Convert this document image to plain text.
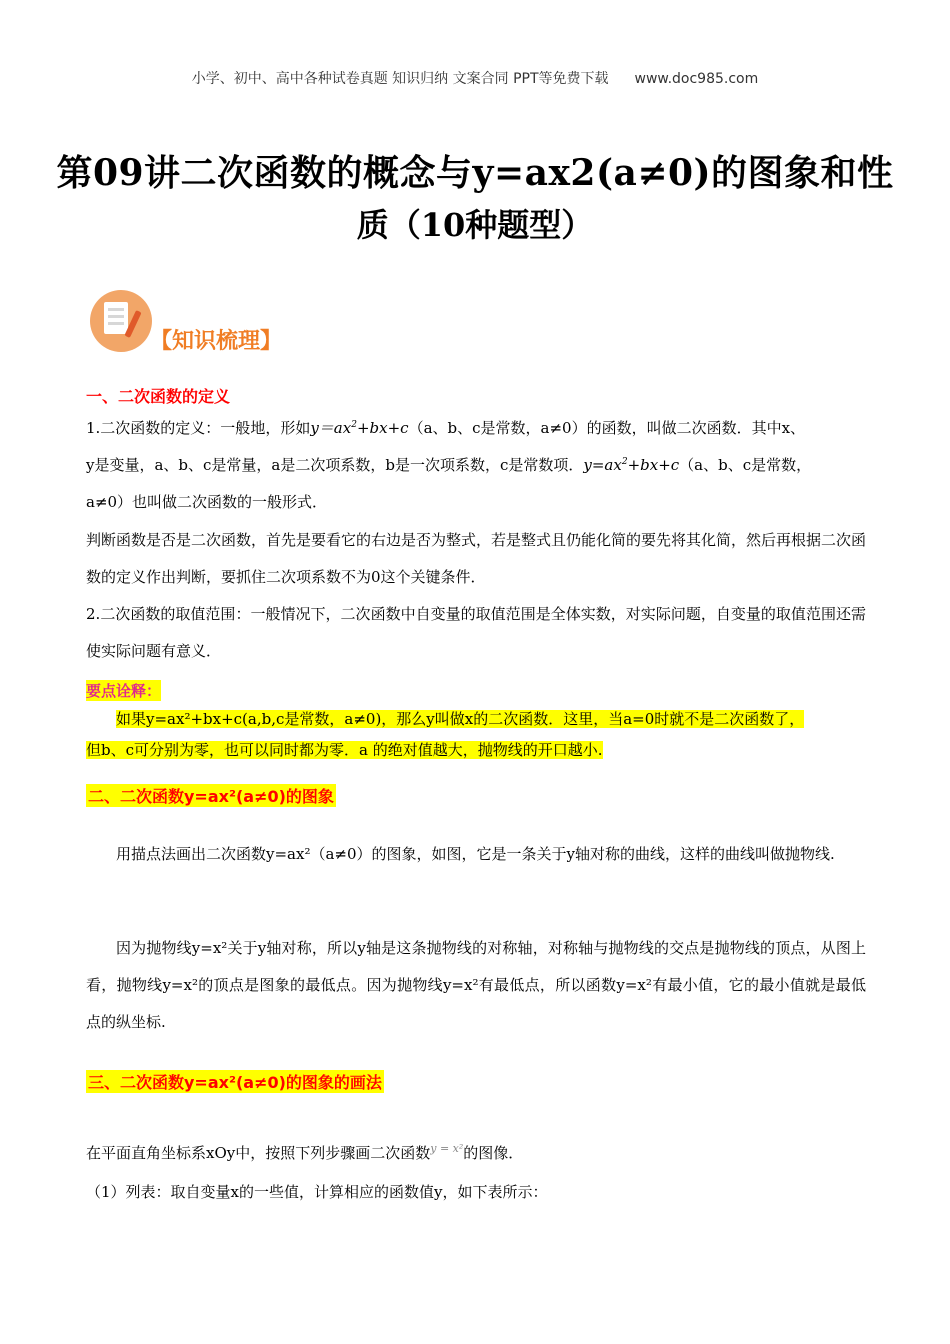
小学、初中、高中各种试卷真题 知识归纳 文案合同 PPT等免费下载 www.doc985.com
第09讲二次函数的概念与y=ax2(a≠0)的图象和性
质（10种题型）
【知识梳理】
一、二次函数的定义
1.二次函数的定义：一般地，形如$y=ax^2+bx+c(a$、b、c是常数，a≠0）的函数，叫做二次函数．其中x、
y是变量，a、b、c是常量，a是二次项系数，b是一次项系数，c是常数项．$y=ax^2+bx+c(a$、b、c是常数，
a≠0）也叫做二次函数的一般形式．
判断函数是否是二次函数，首先是要看它的右边是否为整式，若是整式且仍能化简的要先将其化简，然后再根据二次函数的定义作出判断，要抓住二次项系数不为0这个关键条件．
2.二次函数的取值范围：一般情况下，二次函数中自变量的取值范围是全体实数，对实际问题，自变量的取值范围还需使实际问题有意义．
要点诠释：
如果y=ax²+bx+c(a,b,c是常数，a≠0)，那么y叫做x的二次函数．这里，当a=0时就不是二次函数了，
但b、c可分别为零，也可以同时都为零．a 的绝对值越大，抛物线的开口越小.
二、二次函数y=ax²(a≠0)的图象
用描点法画出二次函数y=ax²（a≠0）的图象，如图，它是一条关于y轴对称的曲线，这样的曲线叫做抛物线.
因为抛物线y=x²关于y轴对称，所以y轴是这条抛物线的对称轴，对称轴与抛物线的交点是抛物线的顶点，从图上看，抛物线y=x²的顶点是图象的最低点。因为抛物线y=x²有最低点，所以函数y=x²有最小值，它的最小值就是最低点的纵坐标.
三、二次函数y=ax²(a≠0)的图象的画法
在平面直角坐标系xOy中，按照下列步骤画二次函数$^{y = x^2}$的图像．
（1）列表：取自变量x的一些值，计算相应的函数值y，如下表所示：
